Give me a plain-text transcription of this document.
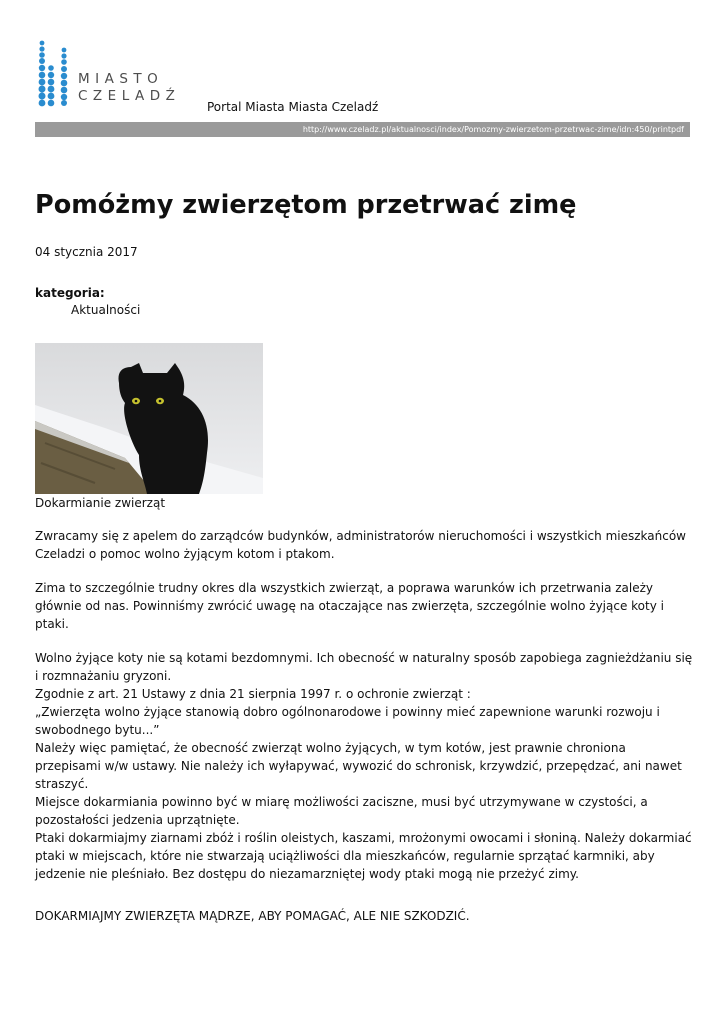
MIASTO
CZELADŹ
Portal Miasta Miasta Czeladź
http://www.czeladz.pl/aktualnosci/index/Pomozmy-zwierzetom-przetrwac-zime/idn:450/printpdf
Pomóżmy zwierzętom przetrwać zimę
04 stycznia 2017
kategoria:
Aktualności
Dokarmianie zwierząt

Zwracamy się z apelem do zarządców budynków, administratorów nieruchomości i wszystkich mieszkańców Czeladzi o pomoc wolno żyjącym kotom i ptakom.

Zima to szczególnie trudny okres dla wszystkich zwierząt, a poprawa warunków ich przetrwania zależy głównie od nas. Powinniśmy zwrócić uwagę na otaczające nas zwierzęta, szczególnie wolno żyjące koty i ptaki.

Wolno żyjące koty nie są kotami bezdomnymi. Ich obecność w naturalny sposób zapobiega zagnieżdżaniu się i rozmnażaniu gryzoni.

Zgodnie z art. 21 Ustawy z dnia 21 sierpnia 1997 r. o ochronie zwierząt :

„Zwierzęta wolno żyjące stanowią dobro ogólnonarodowe i powinny mieć zapewnione warunki rozwoju i swobodnego bytu...”

Należy więc pamiętać, że obecność zwierząt wolno żyjących, w tym kotów, jest prawnie chroniona przepisami w/w ustawy. Nie należy ich wyłapywać, wywozić do schronisk, krzywdzić, przepędzać, ani nawet straszyć.

Miejsce dokarmiania powinno być w miarę możliwości zaciszne, musi być utrzymywane w czystości, a pozostałości jedzenia uprzątnięte.

Ptaki dokarmiajmy ziarnami zbóż i roślin oleistych, kaszami, mrożonymi owocami i słoniną. Należy dokarmiać ptaki w miejscach, które nie stwarzają uciążliwości dla mieszkańców, regularnie sprzątać karmniki, aby jedzenie nie pleśniało. Bez dostępu do niezamarzniętej wody ptaki mogą nie przeżyć zimy.

DOKARMIAJMY ZWIERZĘTA MĄDRZE, ABY POMAGAĆ, ALE NIE SZKODZIĆ.
